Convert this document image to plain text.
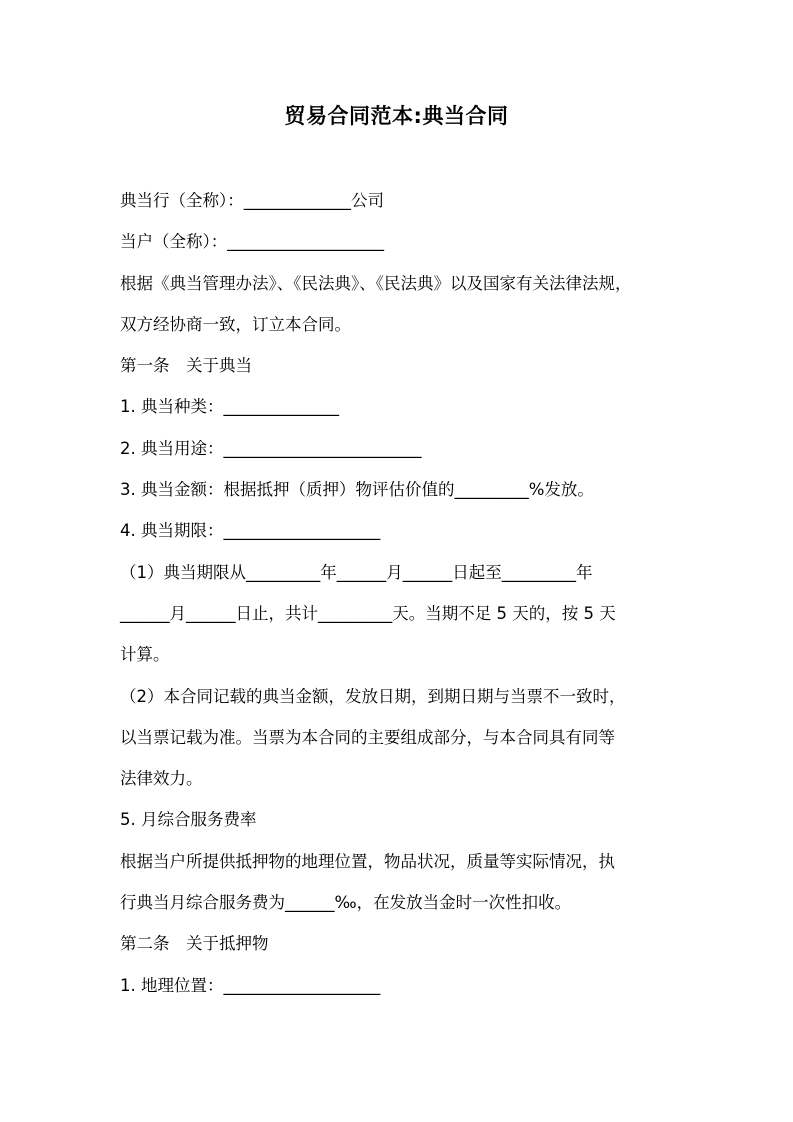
贸易合同范本:典当合同
典当行（全称）：_____________公司
当户（全称）：___________________
根据《典当管理办法》、《民法典》、《民法典》以及国家有关法律法规，
双方经协商一致，订立本合同。
第一条　关于典当
1. 典当种类：______________
2. 典当用途：________________________
3. 典当金额：根据抵押（质押）物评估价值的_________%发放。
4. 典当期限：___________________
（1）典当期限从_________年______月______日起至_________年
______月______日止，共计_________天。当期不足 5 天的，按 5 天
计算。
（2）本合同记载的典当金额，发放日期，到期日期与当票不一致时，
以当票记载为准。当票为本合同的主要组成部分，与本合同具有同等
法律效力。
5. 月综合服务费率
根据当户所提供抵押物的地理位置，物品状况，质量等实际情况，执
行典当月综合服务费为______‰，在发放当金时一次性扣收。
第二条　关于抵押物
1. 地理位置：___________________
